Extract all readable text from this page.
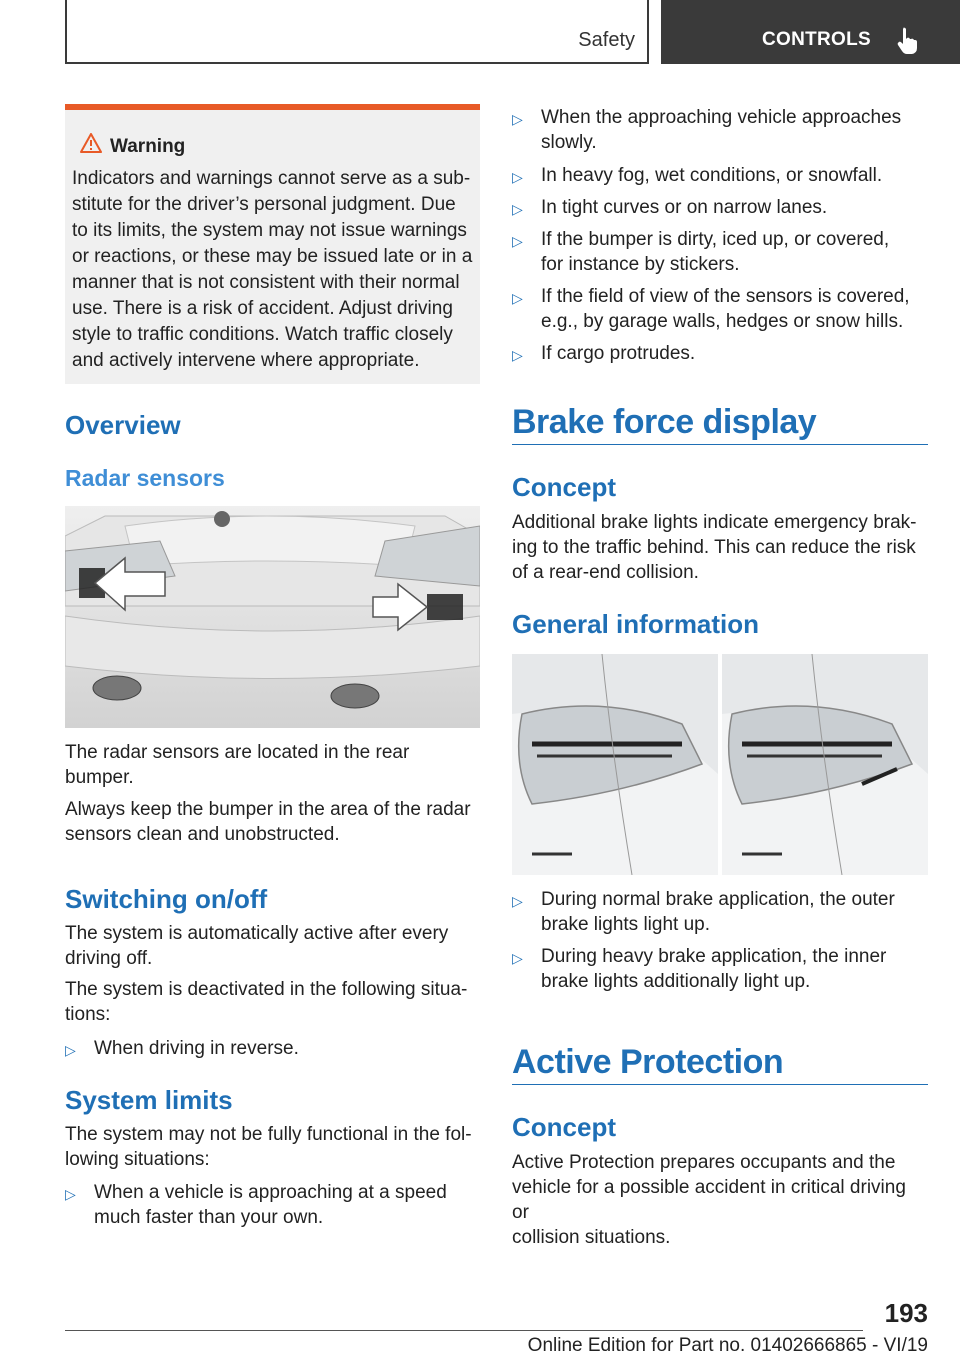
Safety	CONTROLS
Warning
Indicators and warnings cannot serve as a sub-
stitute for the driver’s personal judgment. Due
to its limits, the system may not issue warnings
or reactions, or these may be issued late or in a
manner that is not consistent with their normal
use. There is a risk of accident. Adjust driving
style to traffic conditions. Watch traffic closely
and actively intervene where appropriate.
Overview
Radar sensors
The radar sensors are located in the rear
bumper.
Always keep the bumper in the area of the radar
sensors clean and unobstructed.
Switching on/off
The system is automatically active after every
driving off.
The system is deactivated in the following situa-
tions:
▷ When driving in reverse.
System limits
The system may not be fully functional in the fol-
lowing situations:
▷ When a vehicle is approaching at a speed
much faster than your own.
▷ When the approaching vehicle approaches
slowly.
▷ In heavy fog, wet conditions, or snowfall.
▷ In tight curves or on narrow lanes.
▷ If the bumper is dirty, iced up, or covered,
for instance by stickers.
▷ If the field of view of the sensors is covered,
e.g., by garage walls, hedges or snow hills.
▷ If cargo protrudes.
Brake force display
Concept
Additional brake lights indicate emergency brak-
ing to the traffic behind. This can reduce the risk
of a rear-end collision.
General information
▷ During normal brake application, the outer
brake lights light up.
▷ During heavy brake application, the inner
brake lights additionally light up.
Active Protection
Concept
Active Protection prepares occupants and the
vehicle for a possible accident in critical driving or
collision situations.
193
Online Edition for Part no. 01402666865 - VI/19
